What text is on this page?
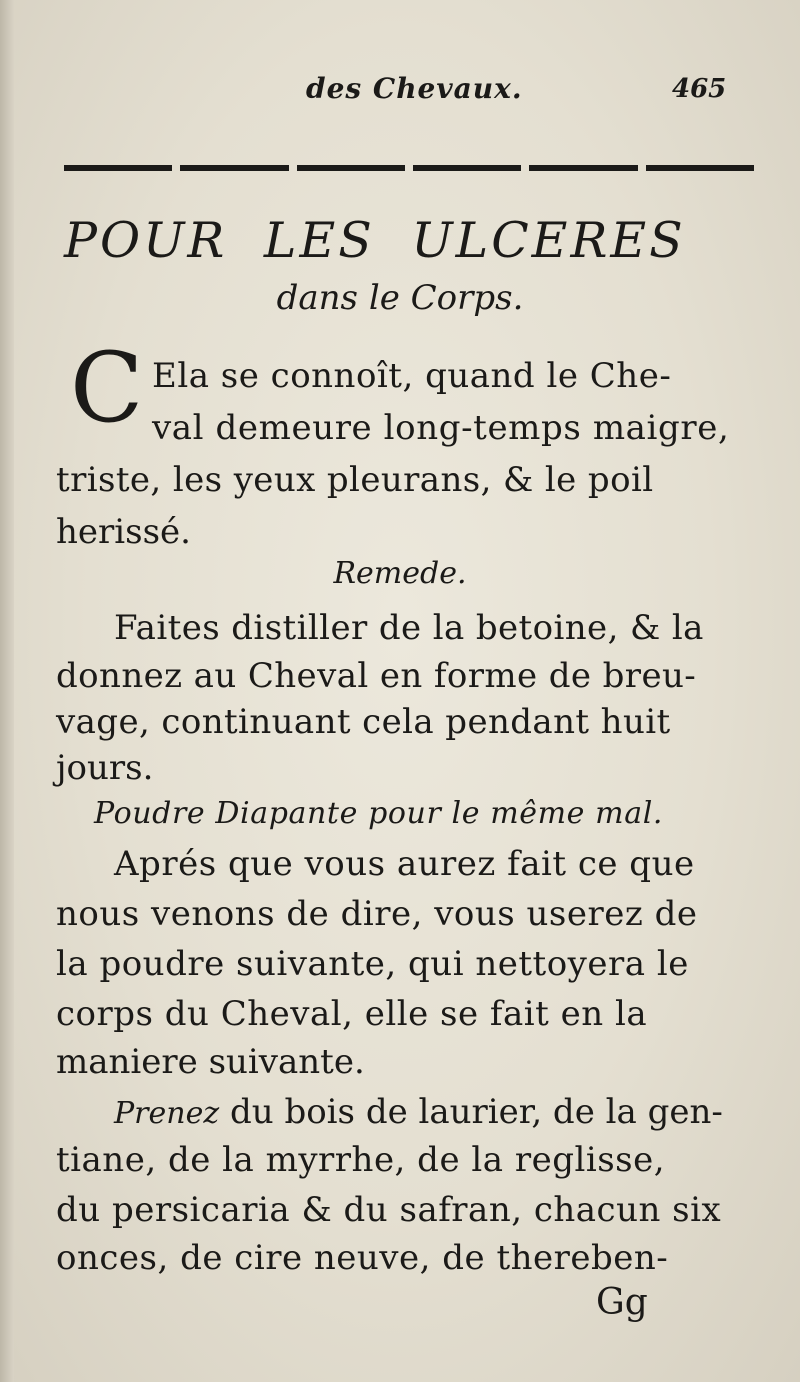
des Chevaux.	465
POUR LES ULCERES
dans le Corps.
C Ela se connoît, quand le Che-
val demeure long-temps maigre,
triste, les yeux pleurans, & le poil
herissé.
Remede.
Faites distiller de la betoine, & la
donnez au Cheval en forme de breu-
vage, continuant cela pendant huit
jours.
Poudre Diapante pour le même mal.
Aprés que vous aurez fait ce que
nous venons de dire, vous userez de
la poudre suivante, qui nettoyera le
corps du Cheval, elle se fait en la
maniere suivante.
Prenez du bois de laurier, de la gen-
tiane, de la myrrhe, de la reglisse,
du persicaria & du safran, chacun six
onces, de cire neuve, de thereben-
Gg
